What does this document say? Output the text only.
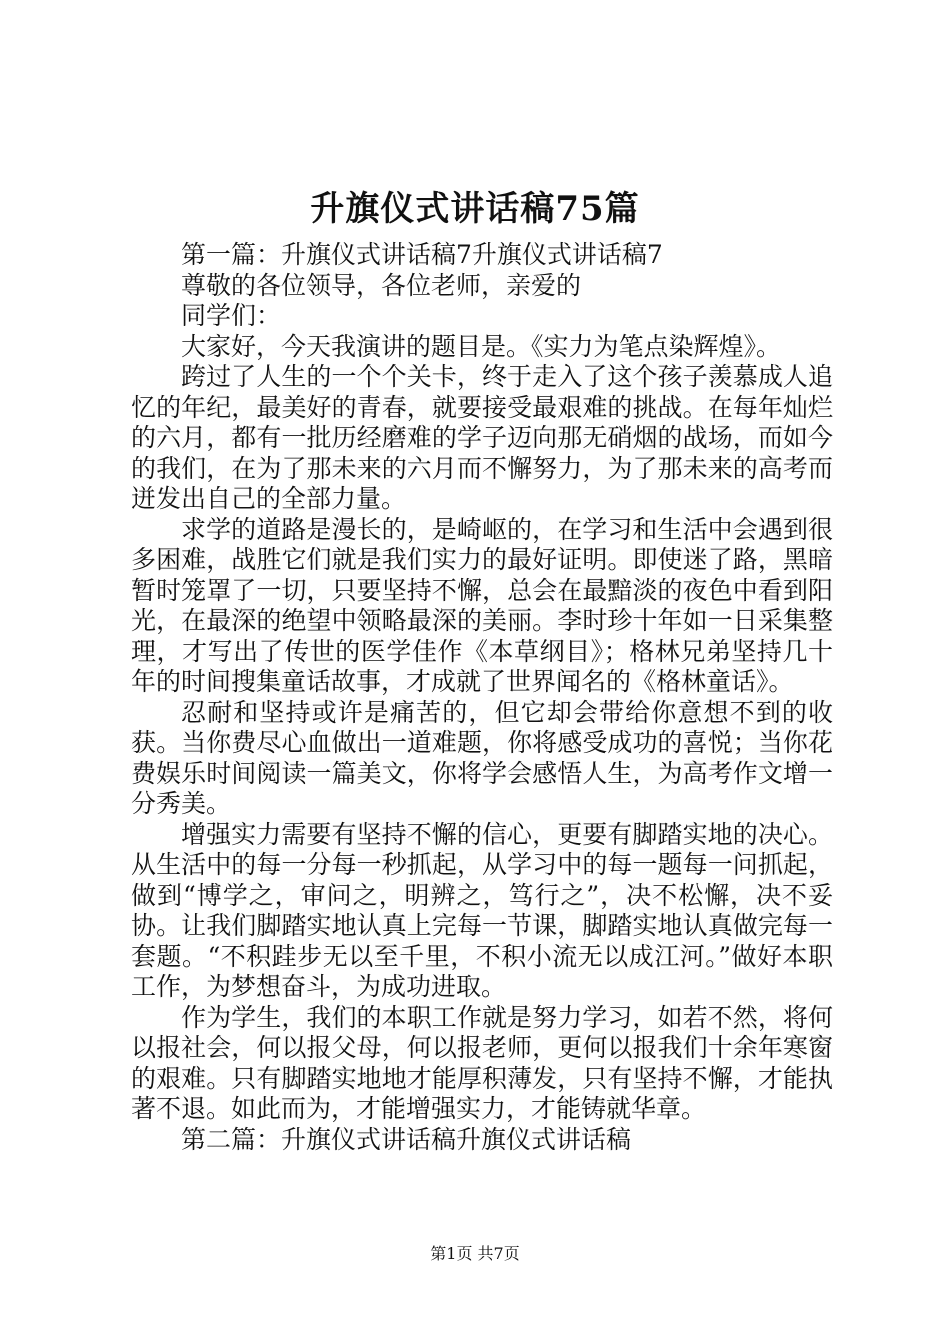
升旗仪式讲话稿75篇

第一篇：升旗仪式讲话稿7升旗仪式讲话稿7

尊敬的各位领导，各位老师，亲爱的

同学们：

大家好，今天我演讲的题目是。《实力为笔点染辉煌》。

跨过了人生的一个个关卡，终于走入了这个孩子羡慕成人追忆的年纪，最美好的青春，就要接受最艰难的挑战。在每年灿烂的六月，都有一批历经磨难的学子迈向那无硝烟的战场，而如今的我们，在为了那未来的六月而不懈努力，为了那未来的高考而迸发出自己的全部力量。

求学的道路是漫长的，是崎岖的，在学习和生活中会遇到很多困难，战胜它们就是我们实力的最好证明。即使迷了路，黑暗暂时笼罩了一切，只要坚持不懈，总会在最黯淡的夜色中看到阳光，在最深的绝望中领略最深的美丽。李时珍十年如一日采集整理，才写出了传世的医学佳作《本草纲目》；格林兄弟坚持几十年的时间搜集童话故事，才成就了世界闻名的《格林童话》。

忍耐和坚持或许是痛苦的，但它却会带给你意想不到的收获。当你费尽心血做出一道难题，你将感受成功的喜悦；当你花费娱乐时间阅读一篇美文，你将学会感悟人生，为高考作文增一分秀美。

增强实力需要有坚持不懈的信心，更要有脚踏实地的决心。从生活中的每一分每一秒抓起，从学习中的每一题每一问抓起，做到“博学之，审问之，明辨之，笃行之”，决不松懈，决不妥协。让我们脚踏实地认真上完每一节课，脚踏实地认真做完每一套题。“不积跬步无以至千里，不积小流无以成江河。”做好本职工作，为梦想奋斗，为成功进取。

作为学生，我们的本职工作就是努力学习，如若不然，将何以报社会，何以报父母，何以报老师，更何以报我们十余年寒窗的艰难。只有脚踏实地地才能厚积薄发，只有坚持不懈，才能执著不退。如此而为，才能增强实力，才能铸就华章。

第二篇：升旗仪式讲话稿升旗仪式讲话稿

第1页 共7页
